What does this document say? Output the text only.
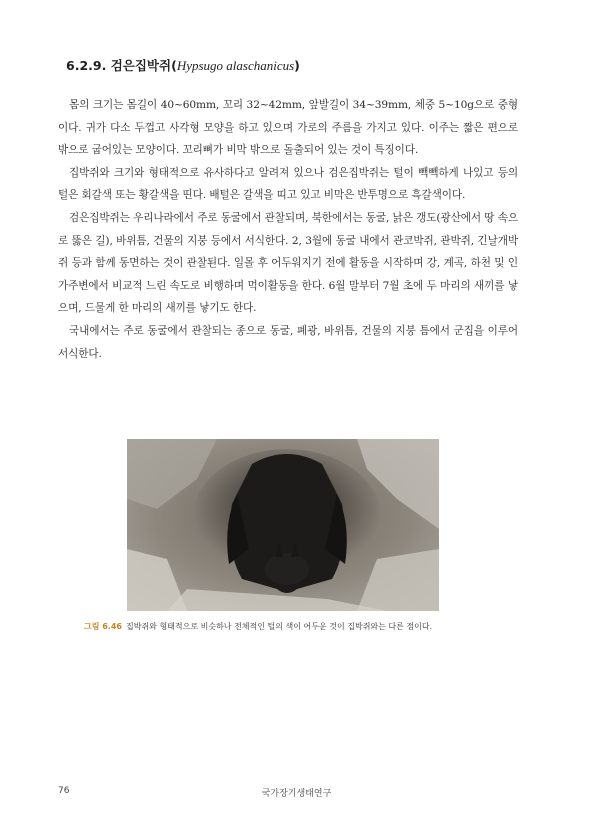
6.2.9. 검은집박쥐(Hypsugo alaschanicus)

몸의 크기는 몸길이 40~60mm, 꼬리 32~42mm, 앞발길이 34~39mm, 체중 5~10g으로 중형이다. 귀가 다소 두껍고 사각형 모양을 하고 있으며 가로의 주름을 가지고 있다. 이주는 짧은 편으로 밖으로 굽어있는 모양이다. 꼬리뼈가 비막 밖으로 돌출되어 있는 것이 특징이다.

집박쥐와 크기와 형태적으로 유사하다고 알려져 있으나 검은집박쥐는 털이 빽빽하게 나있고 등의 털은 회갈색 또는 황갈색을 띤다. 배털은 갈색을 띠고 있고 비막은 반투명으로 흑갈색이다.

검은집박쥐는 우리나라에서 주로 동굴에서 관찰되며, 북한에서는 동굴, 낡은 갱도(광산에서 땅 속으로 뚫은 길), 바위틈, 건물의 지붕 등에서 서식한다. 2, 3월에 동굴 내에서 관코박쥐, 관박쥐, 긴날개박쥐 등과 함께 동면하는 것이 관찰된다. 일몰 후 어두워지기 전에 활동을 시작하며 강, 계곡, 하천 및 인가주변에서 비교적 느린 속도로 비행하며 먹이활동을 한다. 6월 말부터 7월 초에 두 마리의 새끼를 낳으며, 드물게 한 마리의 새끼를 낳기도 한다.

국내에서는 주로 동굴에서 관찰되는 종으로 동굴, 폐광, 바위틈, 건물의 지붕 틈에서 군집을 이루어 서식한다.

그림 6.46 집박쥐와 형태적으로 비슷하나 전체적인 털의 색이 어두운 것이 집박쥐와는 다른 점이다.
76	국가장기생태연구
